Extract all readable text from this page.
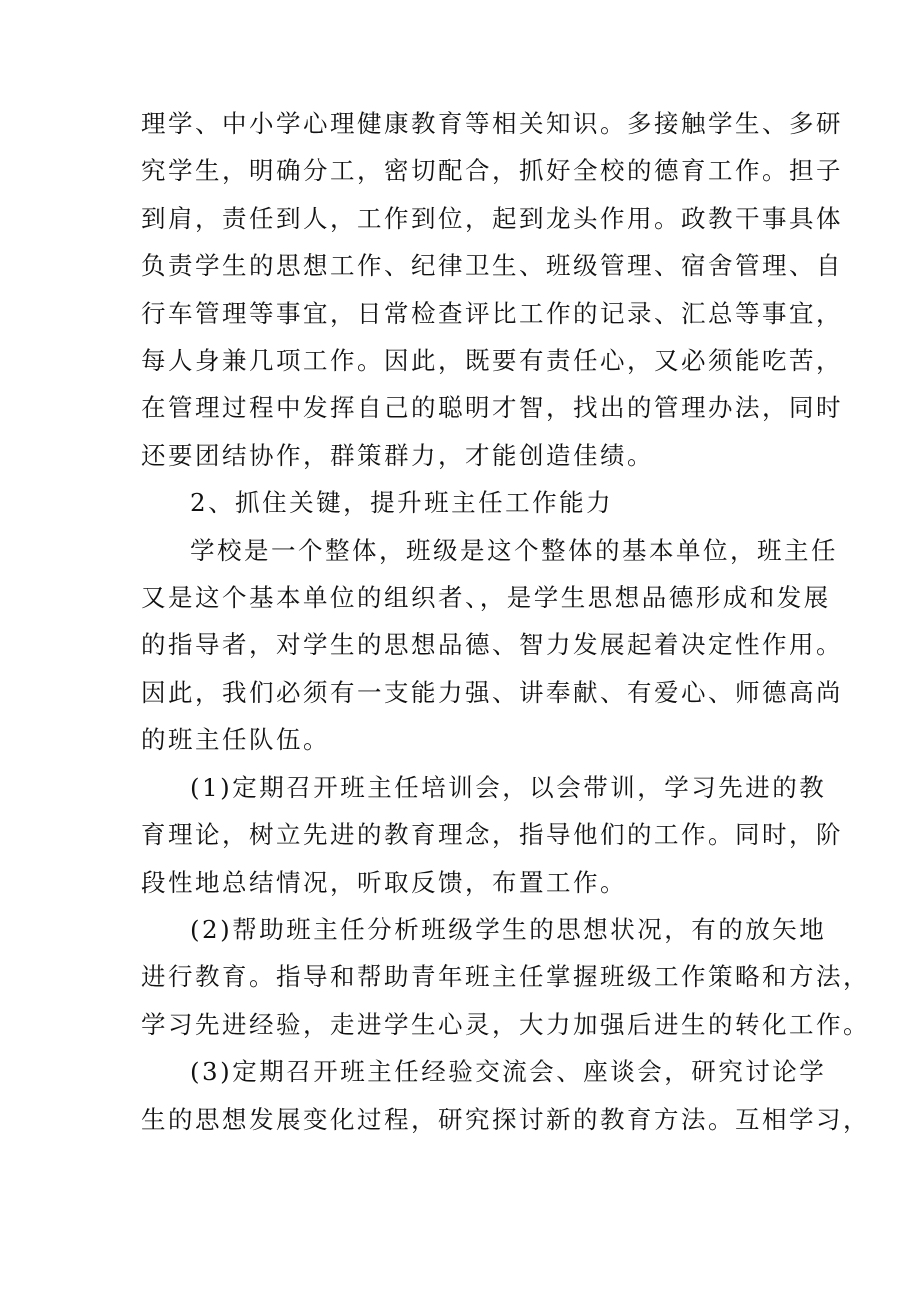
理学、中小学心理健康教育等相关知识。多接触学生、多研
究学生，明确分工，密切配合，抓好全校的德育工作。担子
到肩，责任到人，工作到位，起到龙头作用。政教干事具体
负责学生的思想工作、纪律卫生、班级管理、宿舍管理、自
行车管理等事宜，日常检查评比工作的记录、汇总等事宜，
每人身兼几项工作。因此，既要有责任心，又必须能吃苦，
在管理过程中发挥自己的聪明才智，找出的管理办法，同时
还要团结协作，群策群力，才能创造佳绩。
2、抓住关键，提升班主任工作能力
学校是一个整体，班级是这个整体的基本单位，班主任
又是这个基本单位的组织者、，是学生思想品德形成和发展
的指导者，对学生的思想品德、智力发展起着决定性作用。
因此，我们必须有一支能力强、讲奉献、有爱心、师德高尚
的班主任队伍。
(1)定期召开班主任培训会，以会带训，学习先进的教
育理论，树立先进的教育理念，指导他们的工作。同时，阶
段性地总结情况，听取反馈，布置工作。
(2)帮助班主任分析班级学生的思想状况，有的放矢地
进行教育。指导和帮助青年班主任掌握班级工作策略和方法，
学习先进经验，走进学生心灵，大力加强后进生的转化工作。
(3)定期召开班主任经验交流会、座谈会，研究讨论学
生的思想发展变化过程，研究探讨新的教育方法。互相学习，
